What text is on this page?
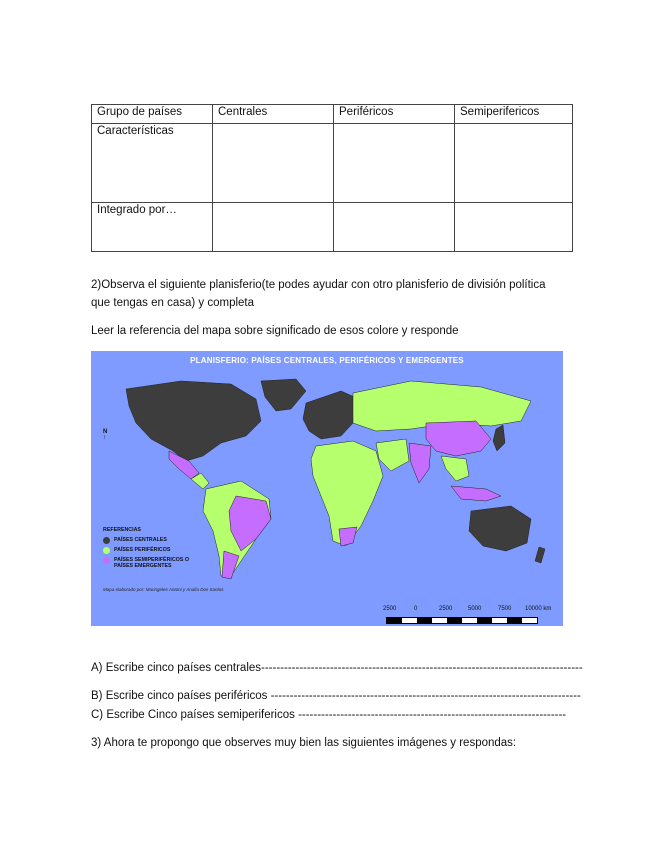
Grupo de países	Centrales	Periféricos	Semiperifericos
Características			
Integrado por…			
2)Observa el siguiente planisferio(te podes ayudar con otro planisferio de división política
que tengas en casa) y completa
Leer la referencia del mapa sobre significado de esos colore y responde
PLANISFERIO: PAÍSES CENTRALES, PERIFÉRICOS Y EMERGENTES
N
↑
REFERENCIAS
PAÍSES CENTRALES
PAÍSES PERIFÉRICOS
PAÍSES SEMIPERIFÉRICOS O PAÍSES EMERGENTES
Mapa elaborado por: Maringeles Antoni y Analía Dos Santos
2500	0	2500	5000	7500 10000 km
A) Escribe cinco países centrales------------------------------------------------------------------------------------
B) Escribe cinco países periféricos ---------------------------------------------------------------------------------
C) Escribe Cinco países semiperifericos ----------------------------------------------------------------------
3) Ahora te propongo que observes muy bien las siguientes imágenes y respondas:
